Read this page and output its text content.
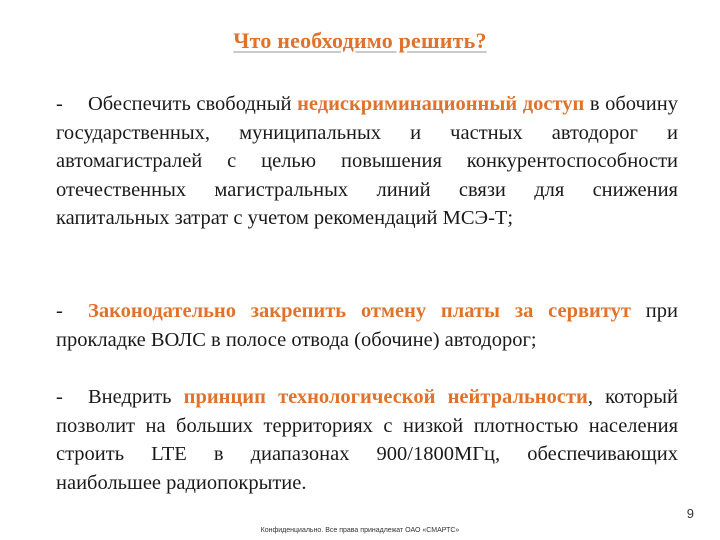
Что необходимо решить?
- Обеспечить свободный недискриминационный доступ в обочину государственных, муниципальных и частных автодорог и автомагистралей с целью повышения конкурентоспособности отечественных магистральных линий связи для снижения капитальных затрат с учетом рекомендаций МСЭ-Т;
- Законодательно закрепить отмену платы за сервитут при прокладке ВОЛС в полосе отвода (обочине) автодорог;
- Внедрить принцип технологической нейтральности, который позволит на больших территориях с низкой плотностью населения строить LTE в диапазонах 900/1800МГц, обеспечивающих наибольшее радиопокрытие.
9
Конфиденциально. Все права принадлежат ОАО «СМАРТС»
